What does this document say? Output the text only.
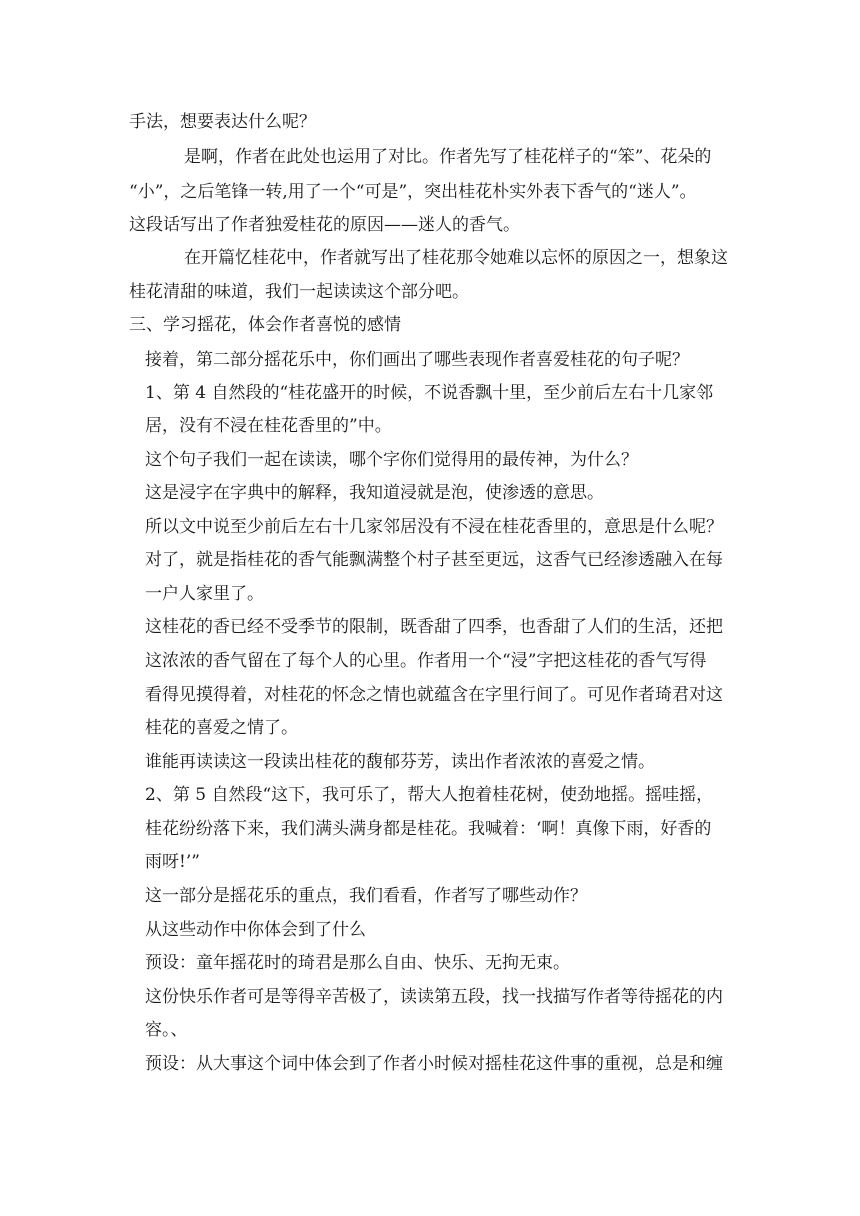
手法，想要表达什么呢？
是啊，作者在此处也运用了对比。作者先写了桂花样子的“笨”、花朵的
“小”，之后笔锋一转,用了一个“可是”，突出桂花朴实外表下香气的“迷人”。
这段话写出了作者独爱桂花的原因——迷人的香气。
在开篇忆桂花中，作者就写出了桂花那令她难以忘怀的原因之一，想象这
桂花清甜的味道，我们一起读读这个部分吧。
三、学习摇花，体会作者喜悦的感情
接着，第二部分摇花乐中，你们画出了哪些表现作者喜爱桂花的句子呢？
1、第 4 自然段的“桂花盛开的时候，不说香飘十里，至少前后左右十几家邻
居，没有不浸在桂花香里的”中。
这个句子我们一起在读读，哪个字你们觉得用的最传神，为什么？
这是浸字在字典中的解释，我知道浸就是泡，使渗透的意思。
所以文中说至少前后左右十几家邻居没有不浸在桂花香里的，意思是什么呢？
对了，就是指桂花的香气能飘满整个村子甚至更远，这香气已经渗透融入在每
一户人家里了。
这桂花的香已经不受季节的限制，既香甜了四季，也香甜了人们的生活，还把
这浓浓的香气留在了每个人的心里。作者用一个“浸”字把这桂花的香气写得
看得见摸得着，对桂花的怀念之情也就蕴含在字里行间了。可见作者琦君对这
桂花的喜爱之情了。
谁能再读读这一段读出桂花的馥郁芬芳，读出作者浓浓的喜爱之情。
2、第 5 自然段“这下，我可乐了，帮大人抱着桂花树，使劲地摇。摇哇摇，
桂花纷纷落下来，我们满头满身都是桂花。我喊着：‘啊！真像下雨，好香的
雨呀!’”
这一部分是摇花乐的重点，我们看看，作者写了哪些动作？
从这些动作中你体会到了什么
预设：童年摇花时的琦君是那么自由、快乐、无拘无束。
这份快乐作者可是等得辛苦极了，读读第五段，找一找描写作者等待摇花的内
容。、
预设：从大事这个词中体会到了作者小时候对摇桂花这件事的重视，总是和缠
